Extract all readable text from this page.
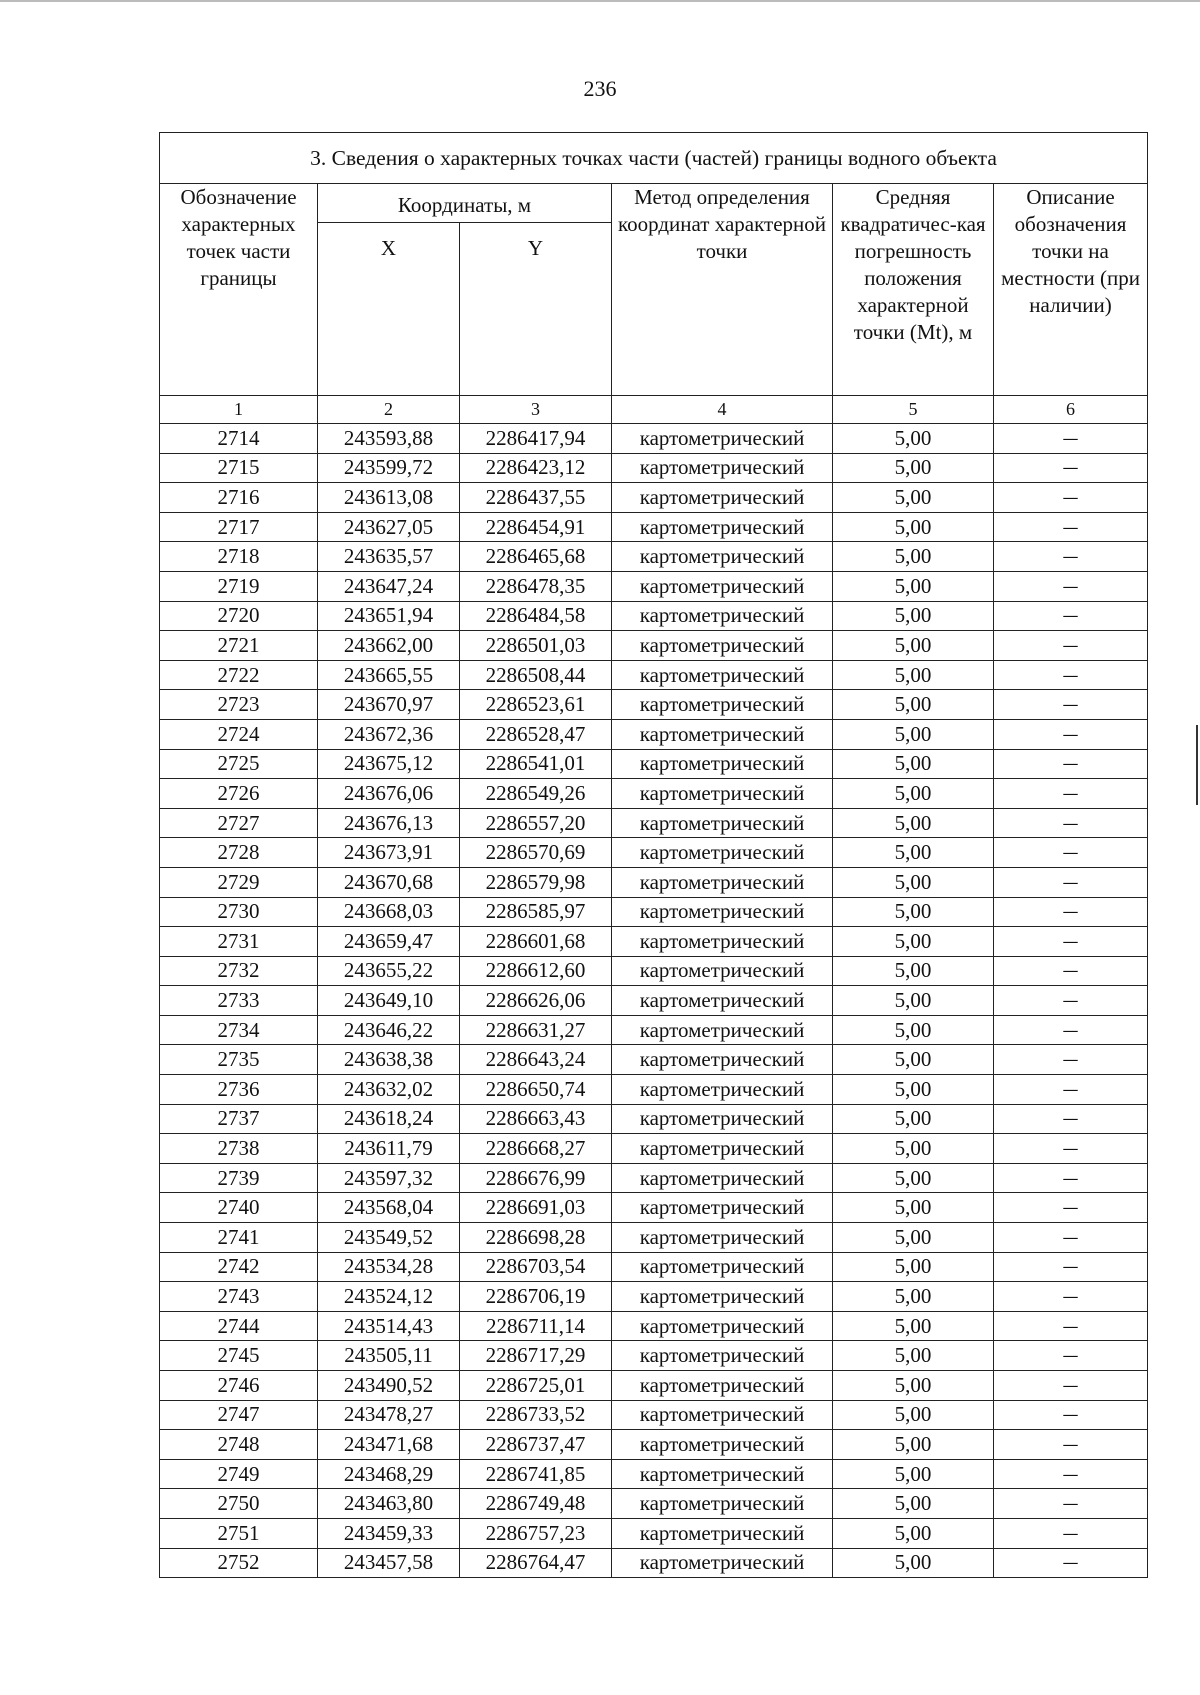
236
3. Сведения о характерных точках части (частей) границы водного объекта					
Обозначение характерных точек части границы	Координаты, м		Метод определения координат характерной точки	Средняя квадратичес-кая погрешность положения характерной точки (Mt), м	Описание обозначения точки на местности (при наличии)
	X	Y			
1	2	3	4	5	6
2714	243593,88	2286417,94	картометрический	5,00	—
2715	243599,72	2286423,12	картометрический	5,00	—
2716	243613,08	2286437,55	картометрический	5,00	—
2717	243627,05	2286454,91	картометрический	5,00	—
2718	243635,57	2286465,68	картометрический	5,00	—
2719	243647,24	2286478,35	картометрический	5,00	—
2720	243651,94	2286484,58	картометрический	5,00	—
2721	243662,00	2286501,03	картометрический	5,00	—
2722	243665,55	2286508,44	картометрический	5,00	—
2723	243670,97	2286523,61	картометрический	5,00	—
2724	243672,36	2286528,47	картометрический	5,00	—
2725	243675,12	2286541,01	картометрический	5,00	—
2726	243676,06	2286549,26	картометрический	5,00	—
2727	243676,13	2286557,20	картометрический	5,00	—
2728	243673,91	2286570,69	картометрический	5,00	—
2729	243670,68	2286579,98	картометрический	5,00	—
2730	243668,03	2286585,97	картометрический	5,00	—
2731	243659,47	2286601,68	картометрический	5,00	—
2732	243655,22	2286612,60	картометрический	5,00	—
2733	243649,10	2286626,06	картометрический	5,00	—
2734	243646,22	2286631,27	картометрический	5,00	—
2735	243638,38	2286643,24	картометрический	5,00	—
2736	243632,02	2286650,74	картометрический	5,00	—
2737	243618,24	2286663,43	картометрический	5,00	—
2738	243611,79	2286668,27	картометрический	5,00	—
2739	243597,32	2286676,99	картометрический	5,00	—
2740	243568,04	2286691,03	картометрический	5,00	—
2741	243549,52	2286698,28	картометрический	5,00	—
2742	243534,28	2286703,54	картометрический	5,00	—
2743	243524,12	2286706,19	картометрический	5,00	—
2744	243514,43	2286711,14	картометрический	5,00	—
2745	243505,11	2286717,29	картометрический	5,00	—
2746	243490,52	2286725,01	картометрический	5,00	—
2747	243478,27	2286733,52	картометрический	5,00	—
2748	243471,68	2286737,47	картометрический	5,00	—
2749	243468,29	2286741,85	картометрический	5,00	—
2750	243463,80	2286749,48	картометрический	5,00	—
2751	243459,33	2286757,23	картометрический	5,00	—
2752	243457,58	2286764,47	картометрический	5,00	—
